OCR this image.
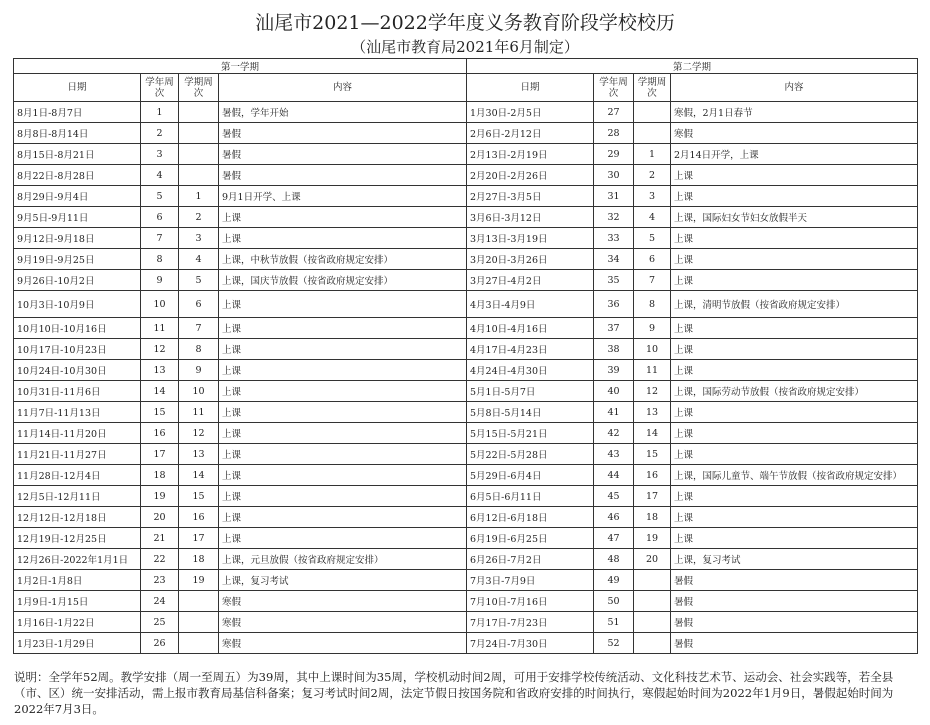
汕尾市2021—2022学年度义务教育阶段学校校历
（汕尾市教育局2021年6月制定）
第一学期				第二学期			
日期	学年周次	学期周次	内容	日期	学年周次	学期周次	内容
8月1日-8月7日	1		暑假，学年开始	1月30日-2月5日	27		寒假，2月1日春节
8月8日-8月14日	2		暑假	2月6日-2月12日	28		寒假
8月15日-8月21日	3		暑假	2月13日-2月19日	29	1	2月14日开学，上课
8月22日-8月28日	4		暑假	2月20日-2月26日	30	2	上课
8月29日-9月4日	5	1	9月1日开学、上课	2月27日-3月5日	31	3	上课
9月5日-9月11日	6	2	上课	3月6日-3月12日	32	4	上课，国际妇女节妇女放假半天
9月12日-9月18日	7	3	上课	3月13日-3月19日	33	5	上课
9月19日-9月25日	8	4	上课，中秋节放假（按省政府规定安排）	3月20日-3月26日	34	6	上课
9月26日-10月2日	9	5	上课，国庆节放假（按省政府规定安排）	3月27日-4月2日	35	7	上课
10月3日-10月9日	10	6	上课	4月3日-4月9日	36	8	上课，清明节放假（按省政府规定安排）
10月10日-10月16日	11	7	上课	4月10日-4月16日	37	9	上课
10月17日-10月23日	12	8	上课	4月17日-4月23日	38	10	上课
10月24日-10月30日	13	9	上课	4月24日-4月30日	39	11	上课
10月31日-11月6日	14	10	上课	5月1日-5月7日	40	12	上课，国际劳动节放假（按省政府规定安排）
11月7日-11月13日	15	11	上课	5月8日-5月14日	41	13	上课
11月14日-11月20日	16	12	上课	5月15日-5月21日	42	14	上课
11月21日-11月27日	17	13	上课	5月22日-5月28日	43	15	上课
11月28日-12月4日	18	14	上课	5月29日-6月4日	44	16	上课，国际儿童节、端午节放假（按省政府规定安排）
12月5日-12月11日	19	15	上课	6月5日-6月11日	45	17	上课
12月12日-12月18日	20	16	上课	6月12日-6月18日	46	18	上课
12月19日-12月25日	21	17	上课	6月19日-6月25日	47	19	上课
12月26日-2022年1月1日	22	18	上课，元旦放假（按省政府规定安排）	6月26日-7月2日	48	20	上课，复习考试
1月2日-1月8日	23	19	上课，复习考试	7月3日-7月9日	49		暑假
1月9日-1月15日	24		寒假	7月10日-7月16日	50		暑假
1月16日-1月22日	25		寒假	7月17日-7月23日	51		暑假
1月23日-1月29日	26		寒假	7月24日-7月30日	52		暑假
说明：全学年52周。教学安排（周一至周五）为39周，其中上课时间为35周，学校机动时间2周，可用于安排学校传统活动、文化科技艺术节、运动会、社会实践等，若全县（市、区）统一安排活动，需上报市教育局基信科备案；复习考试时间2周，法定节假日按国务院和省政府安排的时间执行，寒假起始时间为2022年1月9日，暑假起始时间为2022年7月3日。
